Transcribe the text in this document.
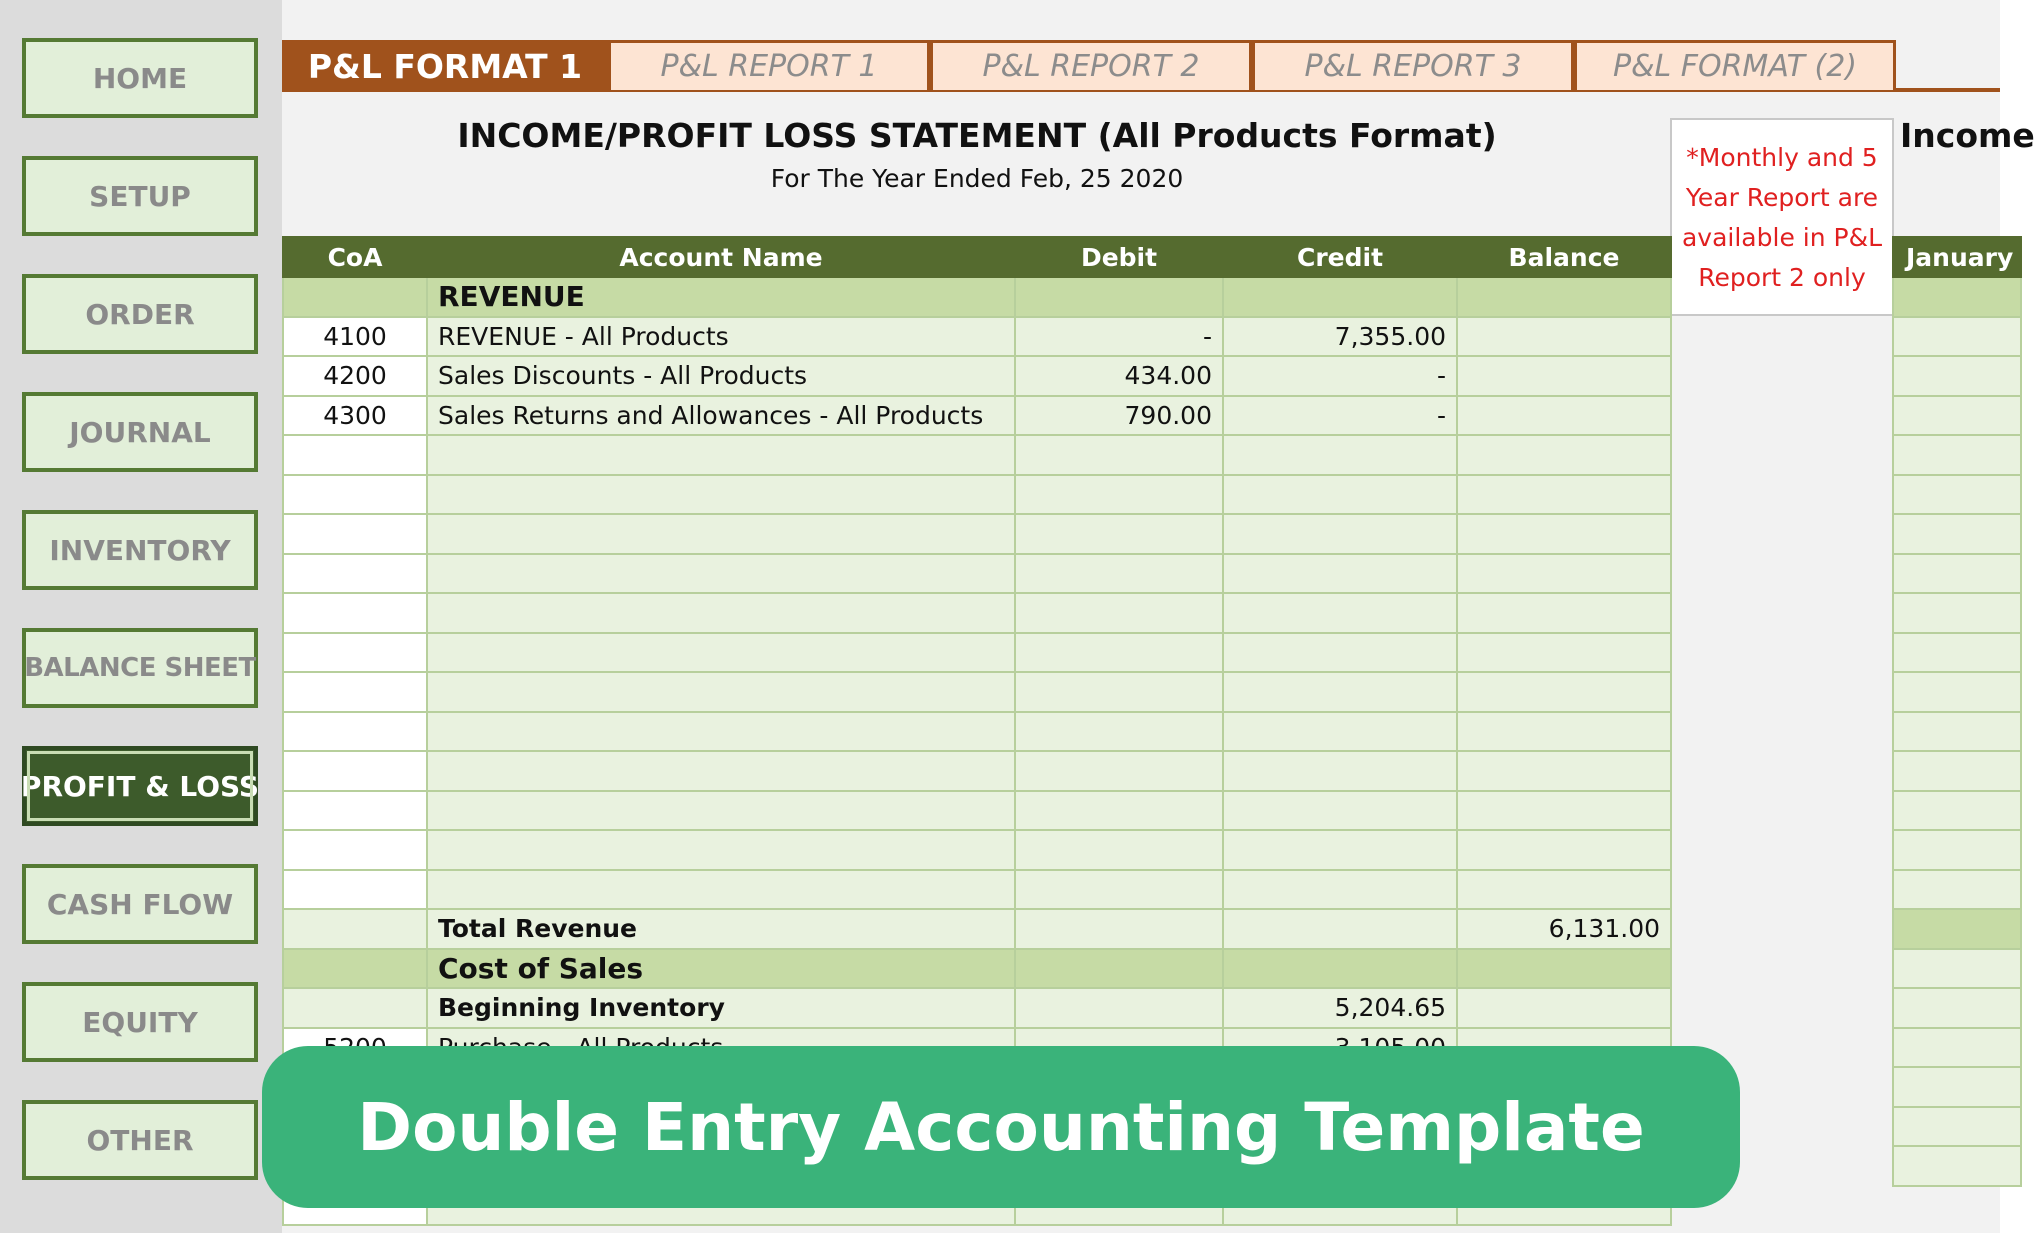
HOME
SETUP
ORDER
JOURNAL
INVENTORY
BALANCE SHEET
PROFIT & LOSS
CASH FLOW
EQUITY
OTHER
P&L FORMAT 1	P&L REPORT 1	P&L REPORT 2	P&L REPORT 3	P&L FORMAT (2)
INCOME/PROFIT LOSS STATEMENT (All Products Format)
For The Year Ended Feb, 25 2020
Income
*Monthly and 5
Year Report are
available in P&L
Report 2 only
CoA	Account Name	Debit	Credit	Balance
	REVENUE			
4100	REVENUE - All Products	-	7,355.00	
4200	Sales Discounts - All Products	434.00	-	
4300	Sales Returns and Allowances - All Products	790.00	-	

	Total Revenue			6,131.00
	Cost of Sales			
	Beginning Inventory		5,204.65	

January

Double Entry Accounting Template
